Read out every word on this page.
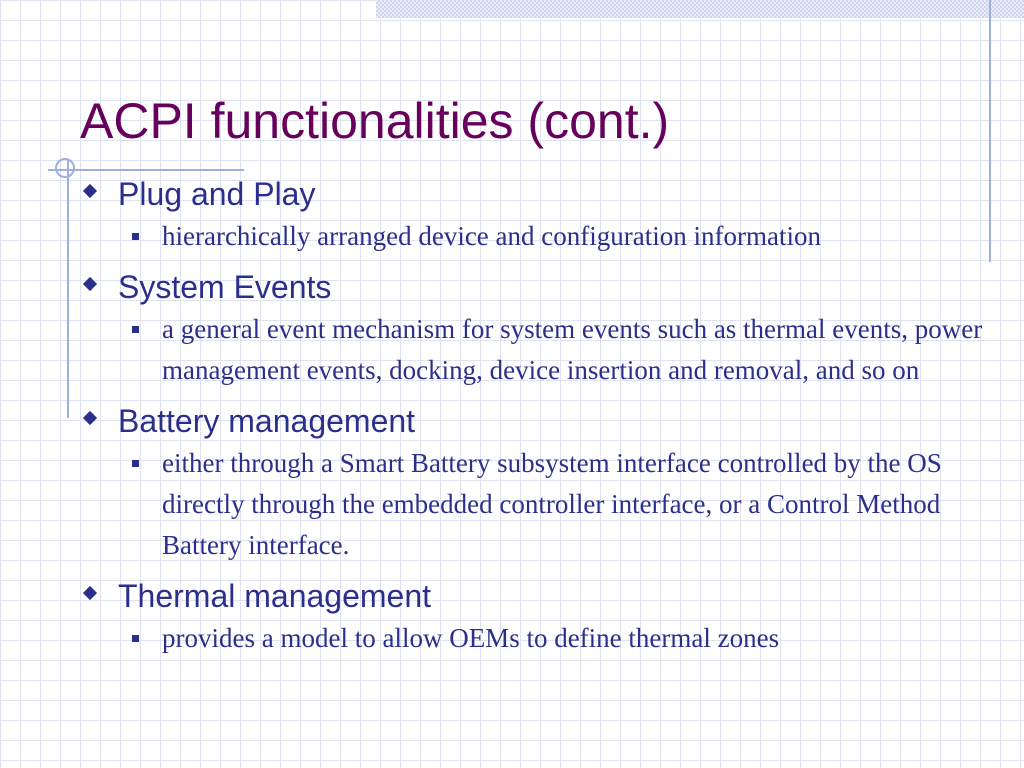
ACPI functionalities (cont.)
Plug and Play
hierarchically arranged device and configuration information
System Events
a general event mechanism for system events such as thermal events, power management events, docking, device insertion and removal, and so on
Battery management
either through a Smart Battery subsystem interface controlled by the OS directly through the embedded controller interface, or a Control Method Battery interface.
Thermal management
provides a model to allow OEMs to define thermal zones
